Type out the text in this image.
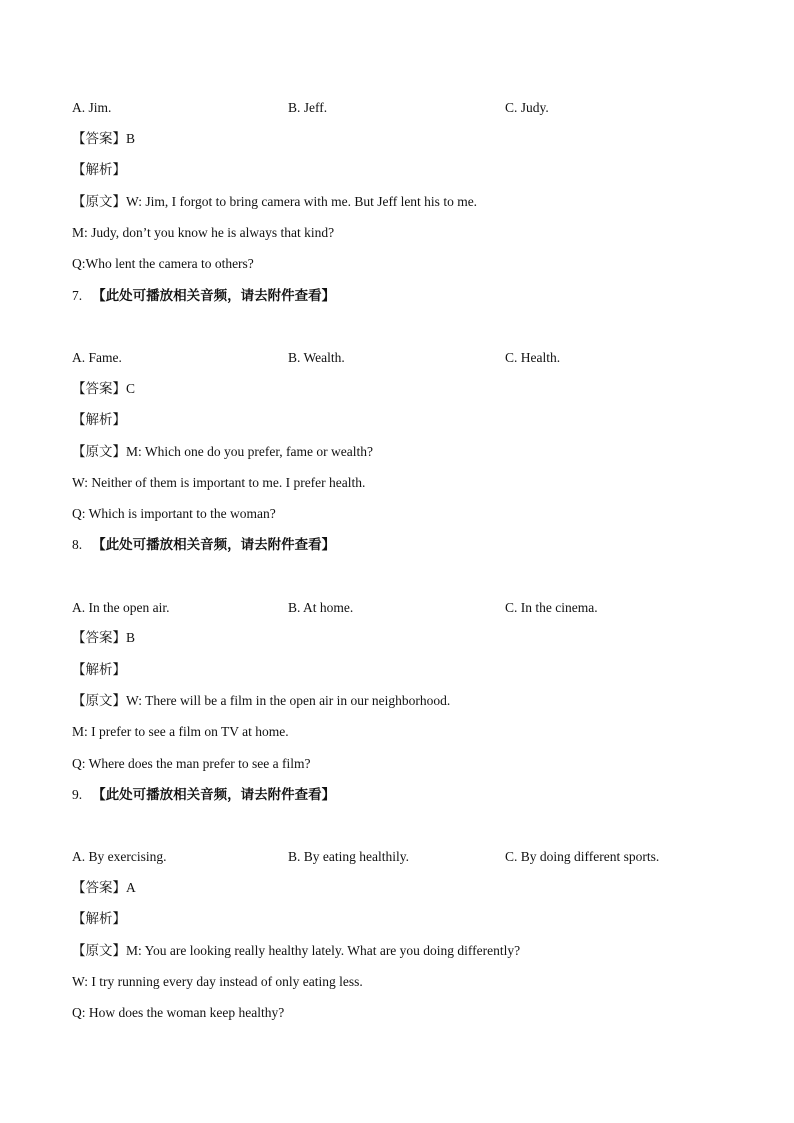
A. Jim.	B. Jeff.	C. Judy.
【答案】B
【解析】
【原文】W: Jim, I forgot to bring camera with me. But Jeff lent his to me.
M: Judy, don’t you know he is always that kind?
Q:Who lent the camera to others?
7. 【此处可播放相关音频，请去附件查看】
A. Fame.	B. Wealth.	C. Health.
【答案】C
【解析】
【原文】M: Which one do you prefer, fame or wealth?
W: Neither of them is important to me. I prefer health.
Q: Which is important to the woman?
8. 【此处可播放相关音频，请去附件查看】
A. In the open air.	B. At home.	C. In the cinema.
【答案】B
【解析】
【原文】W: There will be a film in the open air in our neighborhood.
M: I prefer to see a film on TV at home.
Q: Where does the man prefer to see a film?
9. 【此处可播放相关音频，请去附件查看】
A. By exercising.	B. By eating healthily.	C. By doing different sports.
【答案】A
【解析】
【原文】M: You are looking really healthy lately. What are you doing differently?
W: I try running every day instead of only eating less.
Q: How does the woman keep healthy?
